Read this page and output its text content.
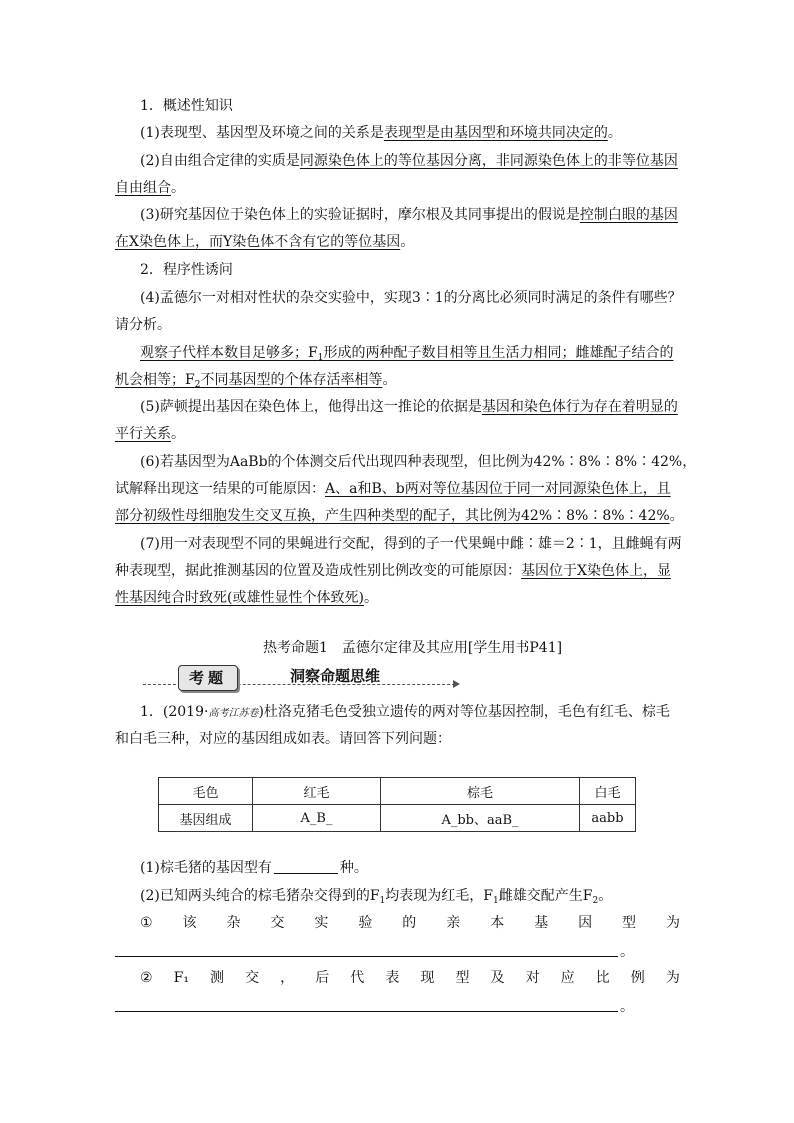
1．概述性知识
(1)表现型、基因型及环境之间的关系是表现型是由基因型和环境共同决定的。
(2)自由组合定律的实质是同源染色体上的等位基因分离，非同源染色体上的非等位基因
自由组合。
(3)研究基因位于染色体上的实验证据时，摩尔根及其同事提出的假说是控制白眼的基因
在X染色体上，而Y染色体不含有它的等位基因。
2．程序性诱问
(4)孟德尔一对相对性状的杂交实验中，实现3∶1的分离比必须同时满足的条件有哪些？
请分析。
观察子代样本数目足够多；$F_1$形成的两种配子数目相等且生活力相同；雌雄配子结合的
机会相等；$F_2$不同基因型的个体存活率相等。
(5)萨顿提出基因在染色体上，他得出这一推论的依据是基因和染色体行为存在着明显的
平行关系。
(6)若基因型为AaBb的个体测交后代出现四种表现型，但比例为42%∶8%∶8%∶42%，
试解释出现这一结果的可能原因：A、a和B、b两对等位基因位于同一对同源染色体上，且
部分初级性母细胞发生交叉互换，产生四种类型的配子，其比例为42%∶8%∶8%∶42%。
(7)用一对表现型不同的果蝇进行交配，得到的子一代果蝇中雌∶雄＝2∶1，且雌蝇有两
种表现型，据此推测基因的位置及造成性别比例改变的可能原因：基因位于X染色体上，显
性基因纯合时致死(或雄性显性个体致死)。
热考命题1　孟德尔定律及其应用[学生用书P41]
考题	洞察命题思维
1．(2019·高考江苏卷)杜洛克猪毛色受独立遗传的两对等位基因控制，毛色有红毛、棕毛
和白毛三种，对应的基因组成如表。请回答下列问题：
毛色	红毛	棕毛	白毛
基因组成	A_B_	A_bb、aaB_	aabb
(1)棕毛猪的基因型有	种。
(2)已知两头纯合的棕毛猪杂交得到的$F_1$均表现为红毛，$F_1$雌雄交配产生$F_2$。
① 该 杂 交 实 验 的 亲 本 基 因 型 为
。
② F₁ 测 交 ， 后 代 表 现 型 及 对 应 比 例 为
。
